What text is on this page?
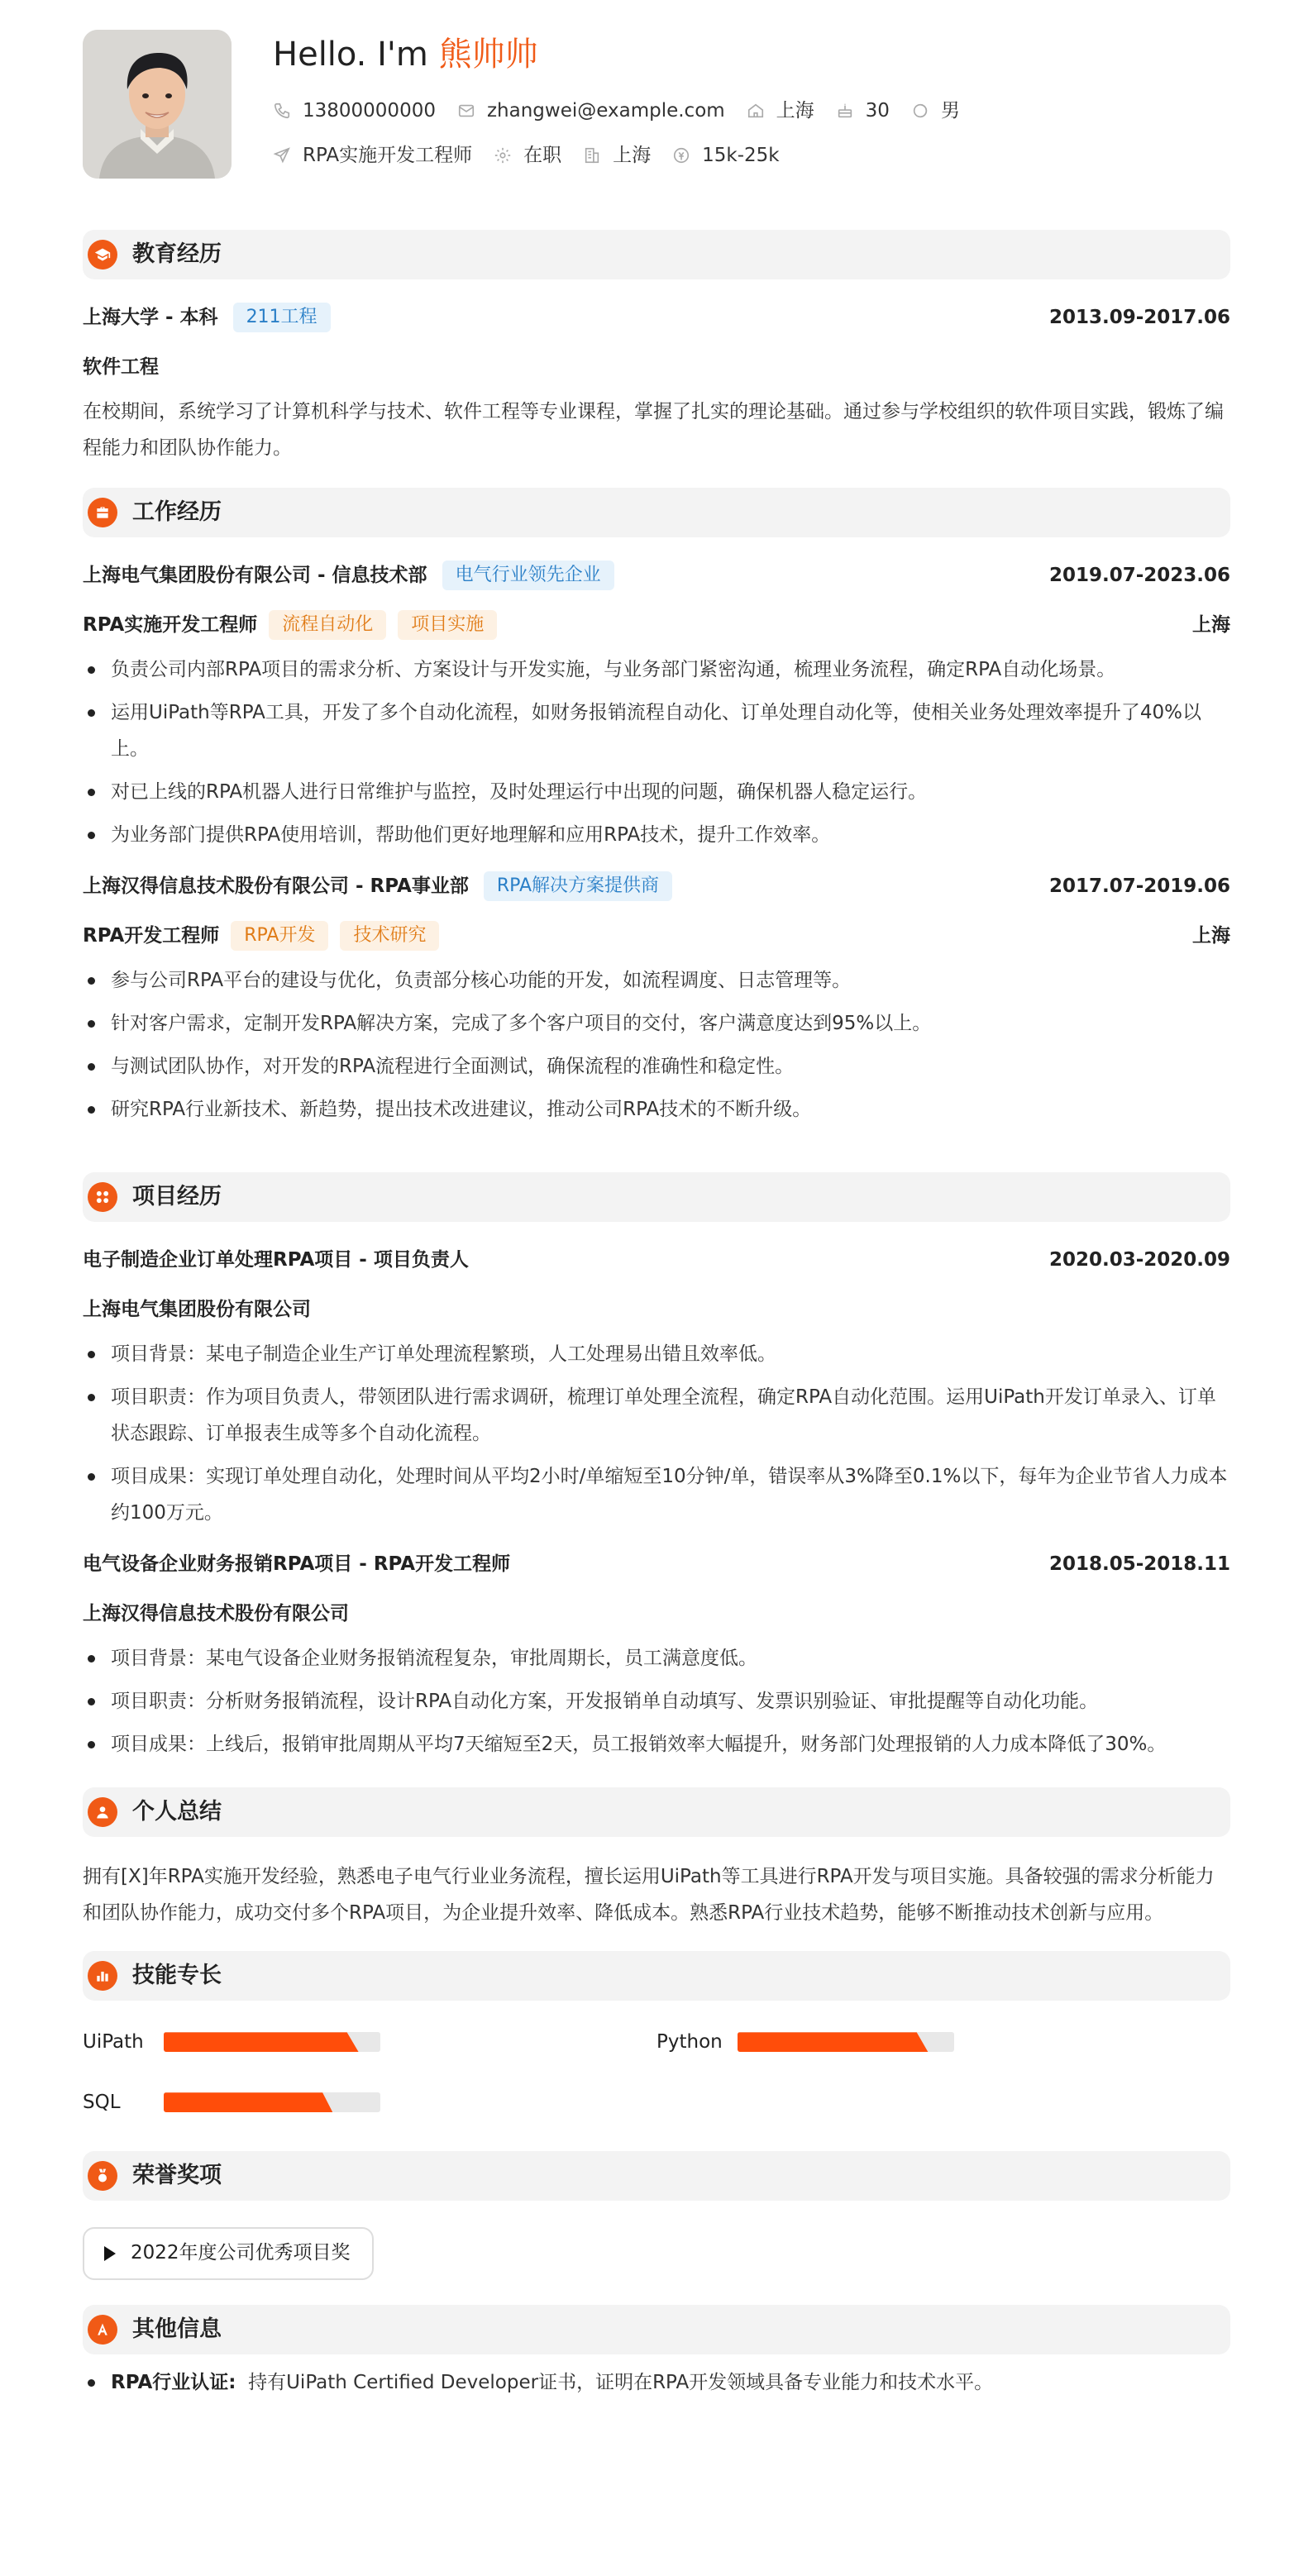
Hello. I'm 熊帅帅
13800000000	zhangwei@example.com	上海	30	男
RPA实施开发工程师	在职	上海	15k-25k
教育经历
上海大学 - 本科	211工程	2013.09-2017.06
软件工程
在校期间，系统学习了计算机科学与技术、软件工程等专业课程，掌握了扎实的理论基础。通过参与学校组织的软件项目实践，锻炼了编程能力和团队协作能力。
工作经历
上海电气集团股份有限公司 - 信息技术部	电气行业领先企业	2019.07-2023.06
RPA实施开发工程师	流程自动化	项目实施	上海
负责公司内部RPA项目的需求分析、方案设计与开发实施，与业务部门紧密沟通，梳理业务流程，确定RPA自动化场景。
运用UiPath等RPA工具，开发了多个自动化流程，如财务报销流程自动化、订单处理自动化等，使相关业务处理效率提升了40%以上。
对已上线的RPA机器人进行日常维护与监控，及时处理运行中出现的问题，确保机器人稳定运行。
为业务部门提供RPA使用培训，帮助他们更好地理解和应用RPA技术，提升工作效率。
上海汉得信息技术股份有限公司 - RPA事业部	RPA解决方案提供商	2017.07-2019.06
RPA开发工程师	RPA开发	技术研究	上海
参与公司RPA平台的建设与优化，负责部分核心功能的开发，如流程调度、日志管理等。
针对客户需求，定制开发RPA解决方案，完成了多个客户项目的交付，客户满意度达到95%以上。
与测试团队协作，对开发的RPA流程进行全面测试，确保流程的准确性和稳定性。
研究RPA行业新技术、新趋势，提出技术改进建议，推动公司RPA技术的不断升级。
项目经历
电子制造企业订单处理RPA项目 - 项目负责人	2020.03-2020.09
上海电气集团股份有限公司
项目背景：某电子制造企业生产订单处理流程繁琐，人工处理易出错且效率低。
项目职责：作为项目负责人，带领团队进行需求调研，梳理订单处理全流程，确定RPA自动化范围。运用UiPath开发订单录入、订单状态跟踪、订单报表生成等多个自动化流程。
项目成果：实现订单处理自动化，处理时间从平均2小时/单缩短至10分钟/单，错误率从3%降至0.1%以下，每年为企业节省人力成本约100万元。
电气设备企业财务报销RPA项目 - RPA开发工程师	2018.05-2018.11
上海汉得信息技术股份有限公司
项目背景：某电气设备企业财务报销流程复杂，审批周期长，员工满意度低。
项目职责：分析财务报销流程，设计RPA自动化方案，开发报销单自动填写、发票识别验证、审批提醒等自动化功能。
项目成果：上线后，报销审批周期从平均7天缩短至2天，员工报销效率大幅提升，财务部门处理报销的人力成本降低了30%。
个人总结
拥有[X]年RPA实施开发经验，熟悉电子电气行业业务流程，擅长运用UiPath等工具进行RPA开发与项目实施。具备较强的需求分析能力和团队协作能力，成功交付多个RPA项目，为企业提升效率、降低成本。熟悉RPA行业技术趋势，能够不断推动技术创新与应用。
技能专长
UiPath	Python
SQL
荣誉奖项
2022年度公司优秀项目奖
其他信息
RPA行业认证: 持有UiPath Certified Developer证书，证明在RPA开发领域具备专业能力和技术水平。
